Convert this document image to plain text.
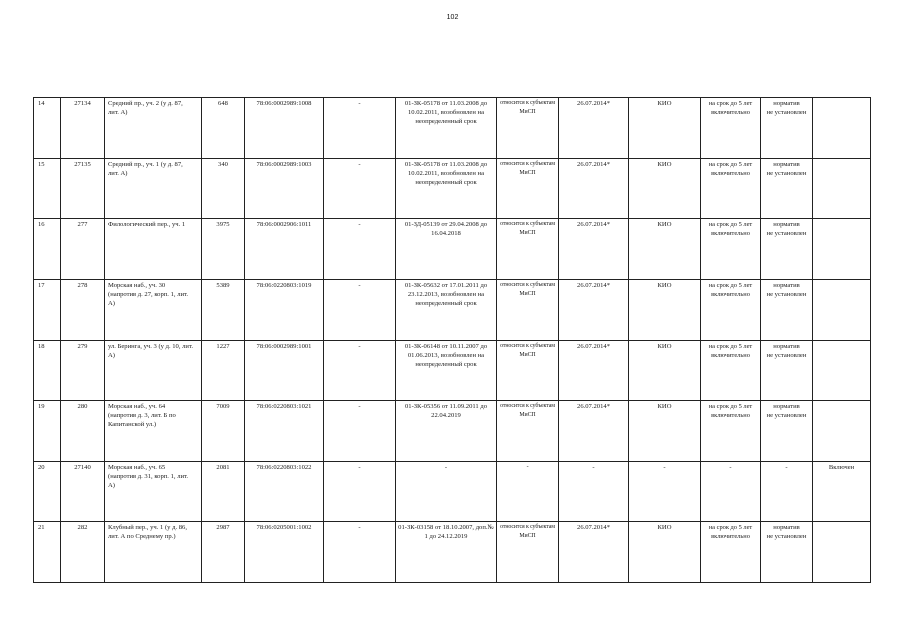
102
14	27134	Средний пр., уч. 2 (у д. 87,
лит. А)	648	78:06:0002989:1008	-	01-ЗК-05178 от 11.03.2008 до
10.02.2011, возобновлен на
неопределенный срок	относится к субъектам
МиСП	26.07.2014*	КИО	на срок до 5 лет
включительно	норматив
не установлен	
15	27135	Средний пр., уч. 1 (у д. 87,
лит. А)	340	78:06:0002989:1003	-	01-ЗК-05178 от 11.03.2008 до
10.02.2011, возобновлен на
неопределенный срок	относится к субъектам
МиСП	26.07.2014*	КИО	на срок до 5 лет
включительно	норматив
не установлен	
16	277	Филологический пер., уч. 1	3975	78:06:0002906:1011	-	01-ЗД-05139 от 29.04.2008 до
16.04.2018	относится к субъектам
МиСП	26.07.2014*	КИО	на срок до 5 лет
включительно	норматив
не установлен	
17	278	Морская наб., уч. 30
(напротив д. 27, корп. 1, лит.
А)	5389	78:06:0220803:1019	-	01-ЗК-05632 от 17.01.2011 до
23.12.2013, возобновлен на
неопределенный срок	относится к субъектам
МиСП	26.07.2014*	КИО	на срок до 5 лет
включительно	норматив
не установлен	
18	279	ул. Беринга, уч. 3 (у д. 10, лит.
А)	1227	78:06:0002989:1001	-	01-ЗК-06148 от 10.11.2007 до
01.06.2013, возобновлен на
неопределенный срок	относится к субъектам
МиСП	26.07.2014*	КИО	на срок до 5 лет
включительно	норматив
не установлен	
19	280	Морская наб., уч. 64
(напротив д. 3, лит. Б по
Капитанской ул.)	7009	78:06:0220803:1021	-	01-ЗК-05356 от 11.09.2011 до
22.04.2019	относится к субъектам
МиСП	26.07.2014*	КИО	на срок до 5 лет
включительно	норматив
не установлен	
20	27140	Морская наб., уч. 65
(напротив д. 31, корп. 1, лит.
А)	2081	78:06:0220803:1022	-	-	-	-	-	-	-	Включен
21	282	Клубный пер., уч. 1 (у д. 86,
лит. А по Среднему пр.)	2987	78:06:0205001:1002	-	01-ЗК-03158 от 18.10.2007, доп.№
1 до 24.12.2019	относится к субъектам
МиСП	26.07.2014*	КИО	на срок до 5 лет
включительно	норматив
не установлен	
